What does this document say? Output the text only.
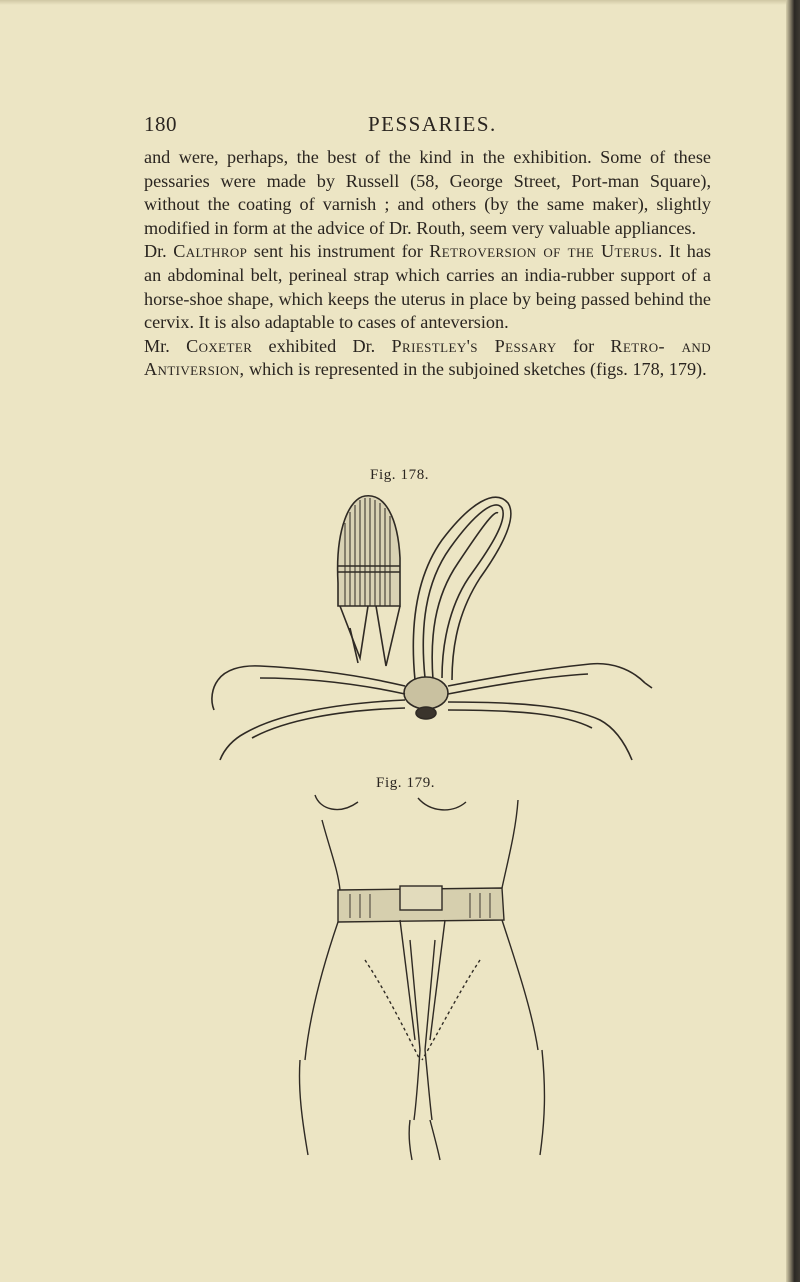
180	PESSARIES.

and were, perhaps, the best of the kind in the exhibition. Some of these pessaries were made by Russell (58, George Street, Port-man Square), without the coating of varnish ; and others (by the same maker), slightly modified in form at the advice of Dr. Routh, seem very valuable appliances.

Dr. Calthrop sent his instrument for Retroversion of the Uterus. It has an abdominal belt, perineal strap which carries an india-rubber support of a horse-shoe shape, which keeps the uterus in place by being passed behind the cervix. It is also adaptable to cases of anteversion.

Mr. Coxeter exhibited Dr. Priestley's Pessary for Retro- and Antiversion, which is represented in the subjoined sketches (figs. 178, 179).

Fig. 178.
Fig. 179.
